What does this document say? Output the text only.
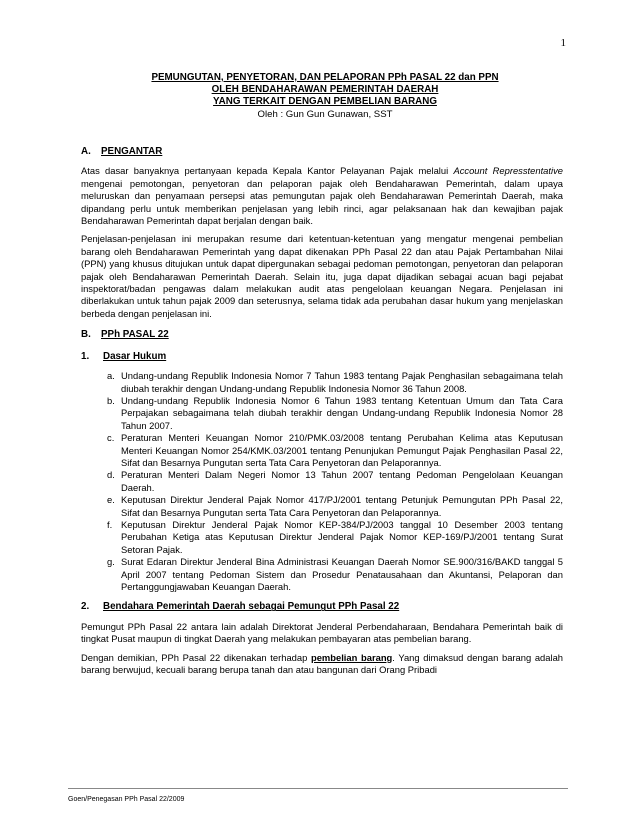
1
PEMUNGUTAN, PENYETORAN, DAN PELAPORAN PPh PASAL 22 dan PPN
OLEH BENDAHARAWAN PEMERINTAH DAERAH
YANG TERKAIT DENGAN PEMBELIAN BARANG
Oleh : Gun Gun Gunawan, SST
A. PENGANTAR

Atas dasar banyaknya pertanyaan kepada Kepala Kantor Pelayanan Pajak melalui Account Represstentative mengenai pemotongan, penyetoran dan pelaporan pajak oleh Bendaharawan Pemerintah, dalam upaya meluruskan dan penyamaan persepsi atas pemungutan pajak oleh Bendaharawan Pemerintah Daerah, maka dipandang perlu untuk memberikan penjelasan yang lebih rinci, agar pelaksanaan hak dan kewajiban pajak Bendaharawan Pemerintah dapat berjalan dengan baik.

Penjelasan-penjelasan ini merupakan resume dari ketentuan-ketentuan yang mengatur mengenai pembelian barang oleh Bendaharawan Pemerintah yang dapat dikenakan PPh Pasal 22 dan atau Pajak Pertambahan Nilai (PPN) yang khusus ditujukan untuk dapat dipergunakan sebagai pedoman pemotongan, penyetoran dan pelaporan pajak oleh Bendaharawan Pemerintah Daerah. Selain itu, juga dapat dijadikan sebagai acuan bagi pejabat inspektorat/badan pengawas dalam melakukan audit atas pengelolaan keuangan Negara. Penjelasan ini diberlakukan untuk tahun pajak 2009 dan seterusnya, selama tidak ada perubahan dasar hukum yang menjelaskan berbeda dengan penjelasan ini.

B. PPh PASAL 22
1. Dasar Hukum
a. Undang-undang Republik Indonesia Nomor 7 Tahun 1983 tentang Pajak Penghasilan sebagaimana telah diubah terakhir dengan Undang-undang Republik Indonesia Nomor 36 Tahun 2008.
b. Undang-undang Republik Indonesia Nomor 6 Tahun 1983 tentang Ketentuan Umum dan Tata Cara Perpajakan sebagaimana telah diubah terakhir dengan Undang-undang Republik Indonesia Nomor 28 Tahun 2007.
c. Peraturan Menteri Keuangan Nomor 210/PMK.03/2008 tentang Perubahan Kelima atas Keputusan Menteri Keuangan Nomor 254/KMK.03/2001 tentang Penunjukan Pemungut Pajak Penghasilan Pasal 22, Sifat dan Besarnya Pungutan serta Tata Cara Penyetoran dan Pelaporannya.
d. Peraturan Menteri Dalam Negeri Nomor 13 Tahun 2007 tentang Pedoman Pengelolaan Keuangan Daerah.
e. Keputusan Direktur Jenderal Pajak Nomor 417/PJ/2001 tentang Petunjuk Pemungutan PPh Pasal 22, Sifat dan Besarnya Pungutan serta Tata Cara Penyetoran dan Pelaporannya.
f. Keputusan Direktur Jenderal Pajak Nomor KEP-384/PJ/2003 tanggal 10 Desember 2003 tentang Perubahan Ketiga atas Keputusan Direktur Jenderal Pajak Nomor KEP-169/PJ/2001 tentang Surat Setoran Pajak.
g. Surat Edaran Direktur Jenderal Bina Administrasi Keuangan Daerah Nomor SE.900/316/BAKD tanggal 5 April 2007 tentang Pedoman Sistem dan Prosedur Penatausahaan dan Akuntansi, Pelaporan dan Pertanggungjawaban Keuangan Daerah.
2. Bendahara Pemerintah Daerah sebagai Pemungut PPh Pasal 22

Pemungut PPh Pasal 22 antara lain adalah Direktorat Jenderal Perbendaharaan, Bendahara Pemerintah baik di tingkat Pusat maupun di tingkat Daerah yang melakukan pembayaran atas pembelian barang.

Dengan demikian, PPh Pasal 22 dikenakan terhadap pembelian barang. Yang dimaksud dengan barang adalah barang berwujud, kecuali barang berupa tanah dan atau bangunan dari Orang Pribadi

Goen/Penegasan PPh Pasal 22/2009
